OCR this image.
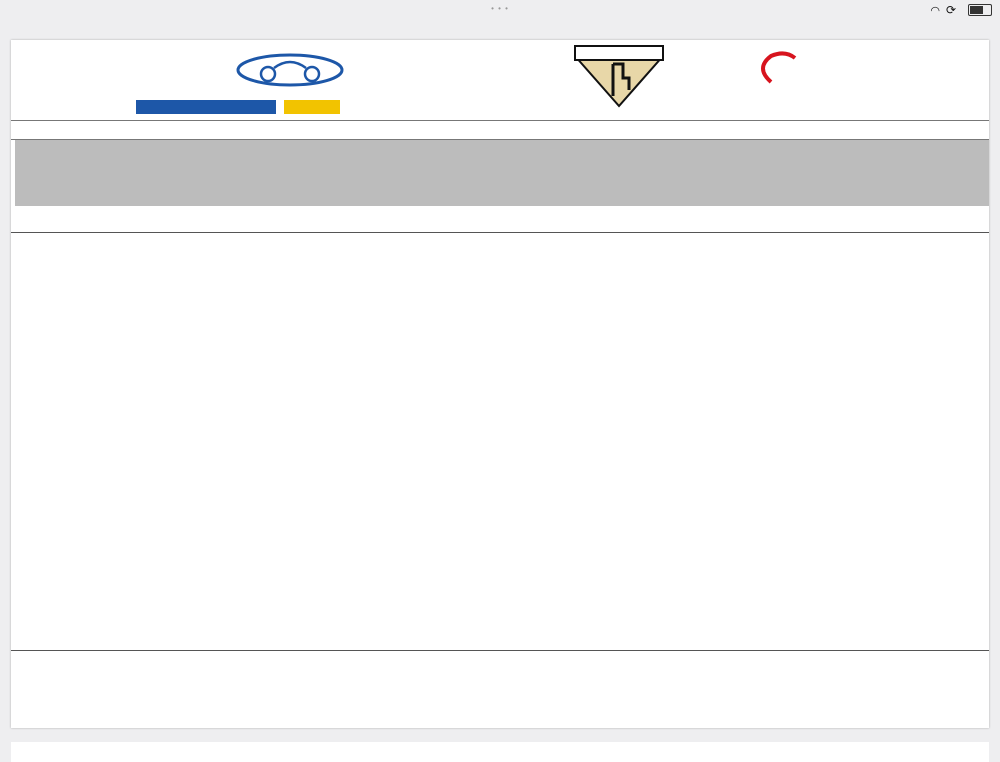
• • •	◠ ⟳
